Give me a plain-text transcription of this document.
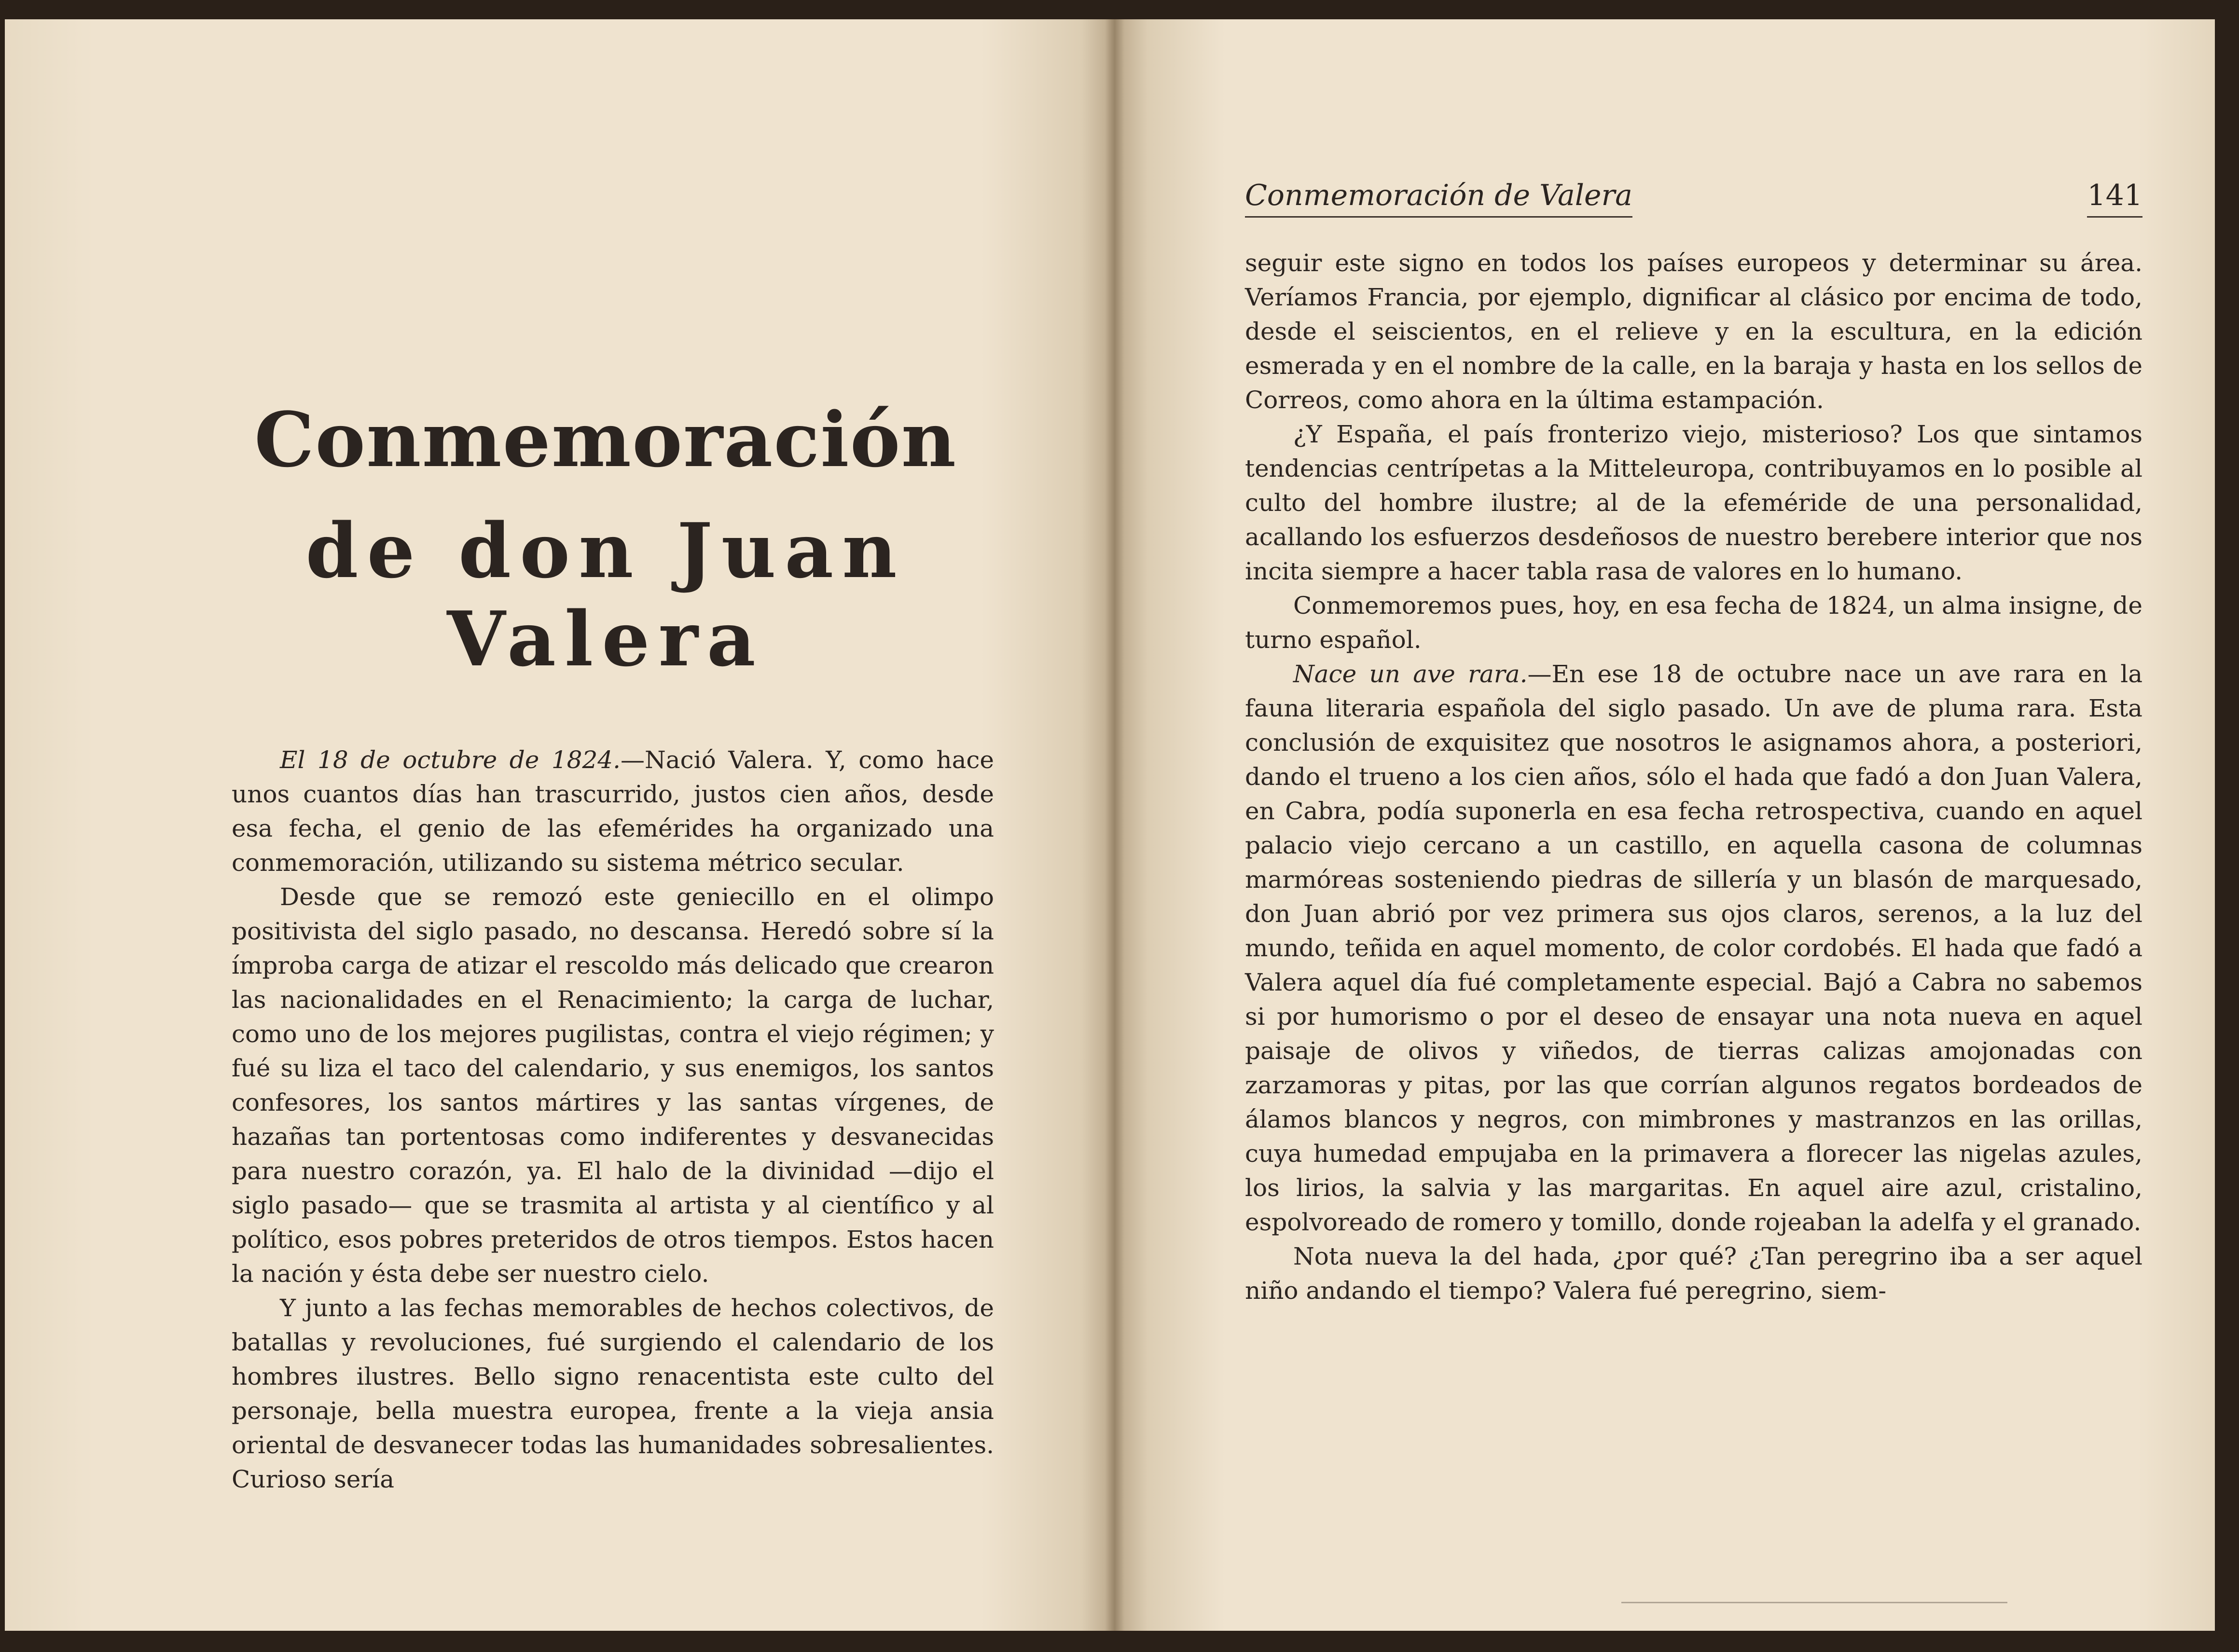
Conmemoración
de don Juan Valera

El 18 de octubre de 1824.—Nació Valera. Y, como hace unos cuantos días han trascurrido, justos cien años, desde esa fecha, el genio de las efemérides ha organizado una conmemoración, utilizando su sistema métrico secular.

Desde que se remozó este geniecillo en el olimpo positivista del siglo pasado, no descansa. Heredó sobre sí la ímproba carga de atizar el rescoldo más delicado que crearon las nacionalidades en el Renacimiento; la carga de luchar, como uno de los mejores pugilistas, contra el viejo régimen; y fué su liza el taco del calendario, y sus enemigos, los santos confesores, los santos mártires y las santas vírgenes, de hazañas tan portentosas como indiferentes y desvanecidas para nuestro corazón, ya. El halo de la divinidad —dijo el siglo pasado— que se trasmita al artista y al científico y al político, esos pobres preteridos de otros tiempos. Estos hacen la nación y ésta debe ser nuestro cielo.

Y junto a las fechas memorables de hechos colectivos, de batallas y revoluciones, fué surgiendo el calendario de los hombres ilustres. Bello signo renacentista este culto del personaje, bella muestra europea, frente a la vieja ansia oriental de desvanecer todas las humanidades sobresalientes. Curioso sería

Conmemoración de Valera	141

seguir este signo en todos los países europeos y determinar su área. Veríamos Francia, por ejemplo, dignificar al clásico por encima de todo, desde el seiscientos, en el relieve y en la escultura, en la edición esmerada y en el nombre de la calle, en la baraja y hasta en los sellos de Correos, como ahora en la última estampación.

¿Y España, el país fronterizo viejo, misterioso? Los que sintamos tendencias centrípetas a la Mitteleuropa, contribuyamos en lo posible al culto del hombre ilustre; al de la efeméride de una personalidad, acallando los esfuerzos desdeñosos de nuestro berebere interior que nos incita siempre a hacer tabla rasa de valores en lo humano.

Conmemoremos pues, hoy, en esa fecha de 1824, un alma insigne, de turno español.

Nace un ave rara.—En ese 18 de octubre nace un ave rara en la fauna literaria española del siglo pasado. Un ave de pluma rara. Esta conclusión de exquisitez que nosotros le asignamos ahora, a posteriori, dando el trueno a los cien años, sólo el hada que fadó a don Juan Valera, en Cabra, podía suponerla en esa fecha retrospectiva, cuando en aquel palacio viejo cercano a un castillo, en aquella casona de columnas marmóreas sosteniendo piedras de sillería y un blasón de marquesado, don Juan abrió por vez primera sus ojos claros, serenos, a la luz del mundo, teñida en aquel momento, de color cordobés. El hada que fadó a Valera aquel día fué completamente especial. Bajó a Cabra no sabemos si por humorismo o por el deseo de ensayar una nota nueva en aquel paisaje de olivos y viñedos, de tierras calizas amojonadas con zarzamoras y pitas, por las que corrían algunos regatos bordeados de álamos blancos y negros, con mimbrones y mastranzos en las orillas, cuya humedad empujaba en la primavera a florecer las nigelas azules, los lirios, la salvia y las margaritas. En aquel aire azul, cristalino, espolvoreado de romero y tomillo, donde rojeaban la adelfa y el granado.

Nota nueva la del hada, ¿por qué? ¿Tan peregrino iba a ser aquel niño andando el tiempo? Valera fué peregrino, siem-
